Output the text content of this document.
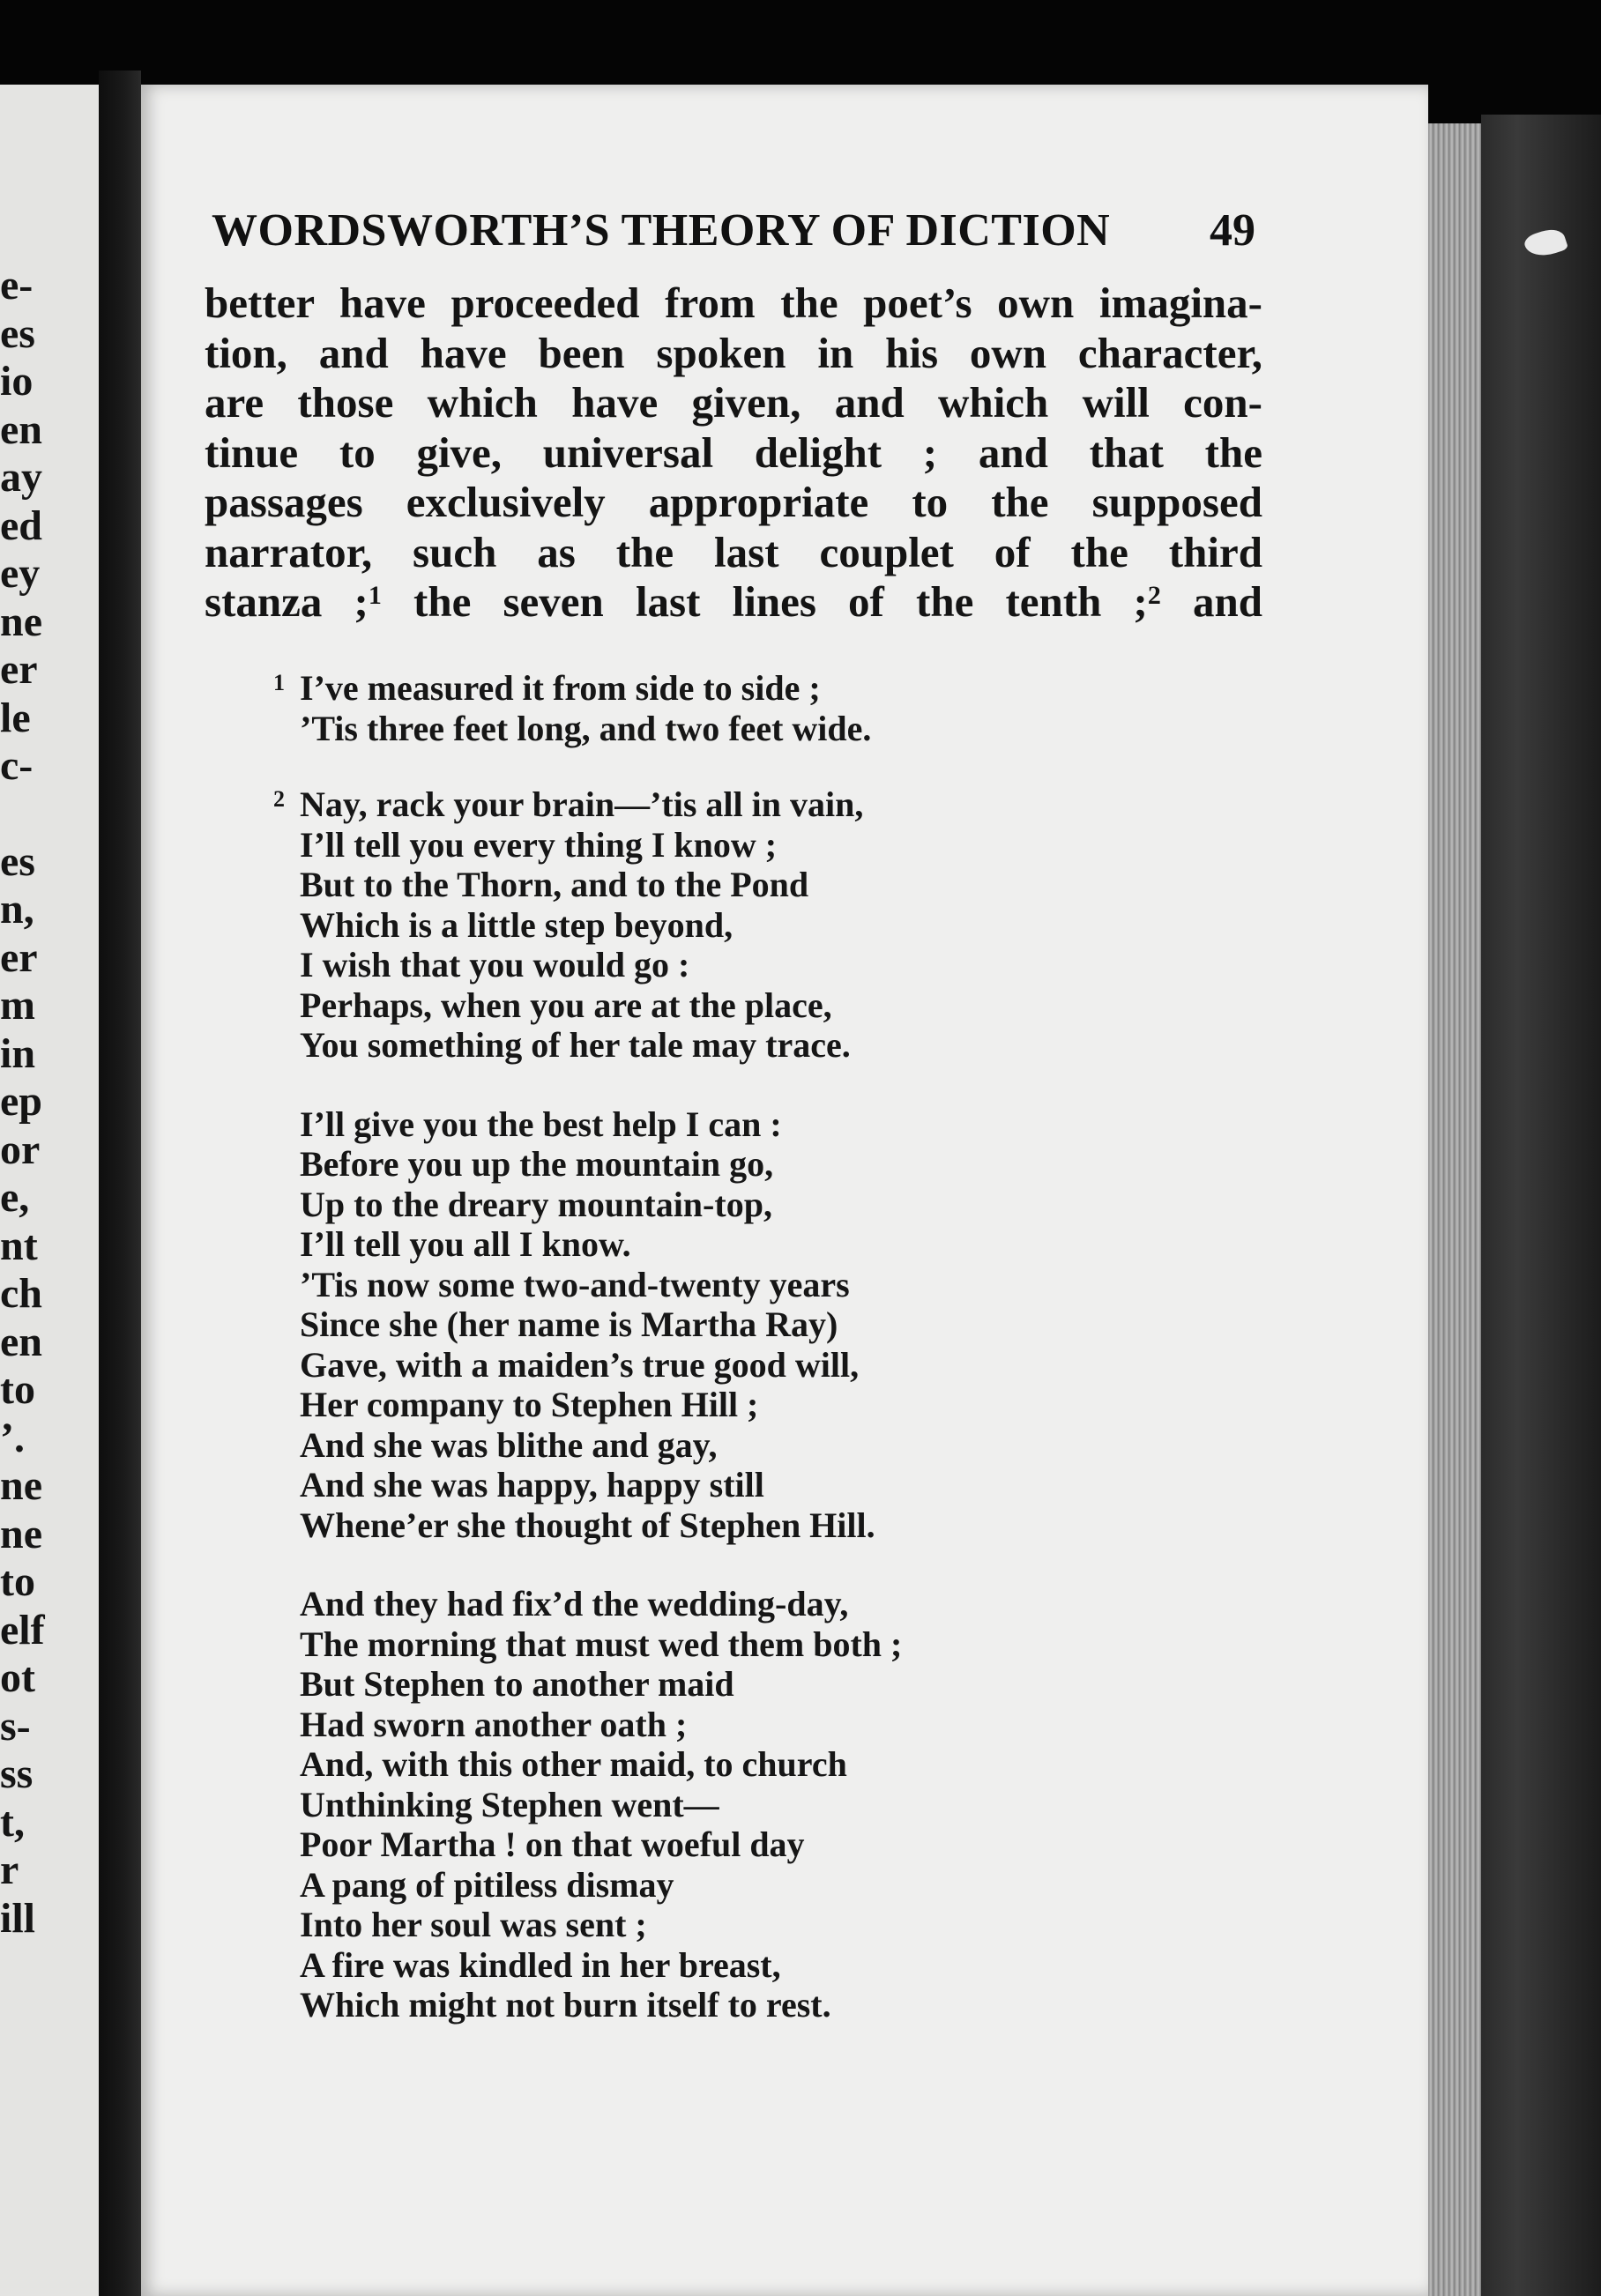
e-
es
io
en
ay
ed
ey
ne
er
le
c-
es
n,
er
m
in
ep
or
e,
nt
ch
en
to
’.
ne
ne
to
elf
ot
s-
ss
t,
r
ill
WORDSWORTH’S THEORY OF DICTION	49
better have proceeded from the poet’s own imagina-
tion, and have been spoken in his own character,
are those which have given, and which will con-
tinue to give, universal delight ; and that the
passages exclusively appropriate to the supposed
narrator, such as the last couplet of the third
stanza ;$^1$ the seven last lines of the tenth ;$^2$ and
1 I’ve measured it from side to side ;
’Tis three feet long, and two feet wide.
2 Nay, rack your brain—’tis all in vain,
I’ll tell you every thing I know ;
But to the Thorn, and to the Pond
Which is a little step beyond,
I wish that you would go :
Perhaps, when you are at the place,
You something of her tale may trace.
I’ll give you the best help I can :
Before you up the mountain go,
Up to the dreary mountain-top,
I’ll tell you all I know.
’Tis now some two-and-twenty years
Since she (her name is Martha Ray)
Gave, with a maiden’s true good will,
Her company to Stephen Hill ;
And she was blithe and gay,
And she was happy, happy still
Whene’er she thought of Stephen Hill.
And they had fix’d the wedding-day,
The morning that must wed them both ;
But Stephen to another maid
Had sworn another oath ;
And, with this other maid, to church
Unthinking Stephen went—
Poor Martha ! on that woeful day
A pang of pitiless dismay
Into her soul was sent ;
A fire was kindled in her breast,
Which might not burn itself to rest.
